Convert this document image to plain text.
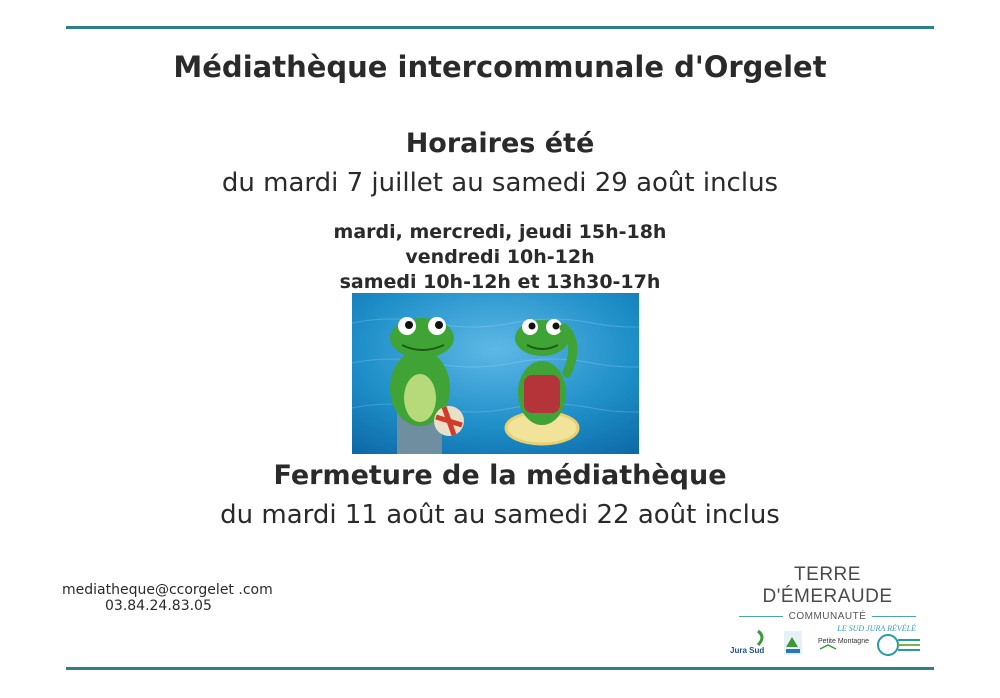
Médiathèque intercommunale d'Orgelet
Horaires été
du mardi 7 juillet au samedi 29 août inclus
mardi, mercredi, jeudi 15h-18h
vendredi 10h-12h
samedi 10h-12h et 13h30-17h
Fermeture de la médiathèque
du mardi 11 août au samedi 22 août inclus
mediatheque@ccorgelet .com
03.84.24.83.05
TERRE D'ÉMERAUDE
COMMUNAUTÉ
LE SUD JURA RÉVÉLÉ
Jura Sud
Petite Montagne
